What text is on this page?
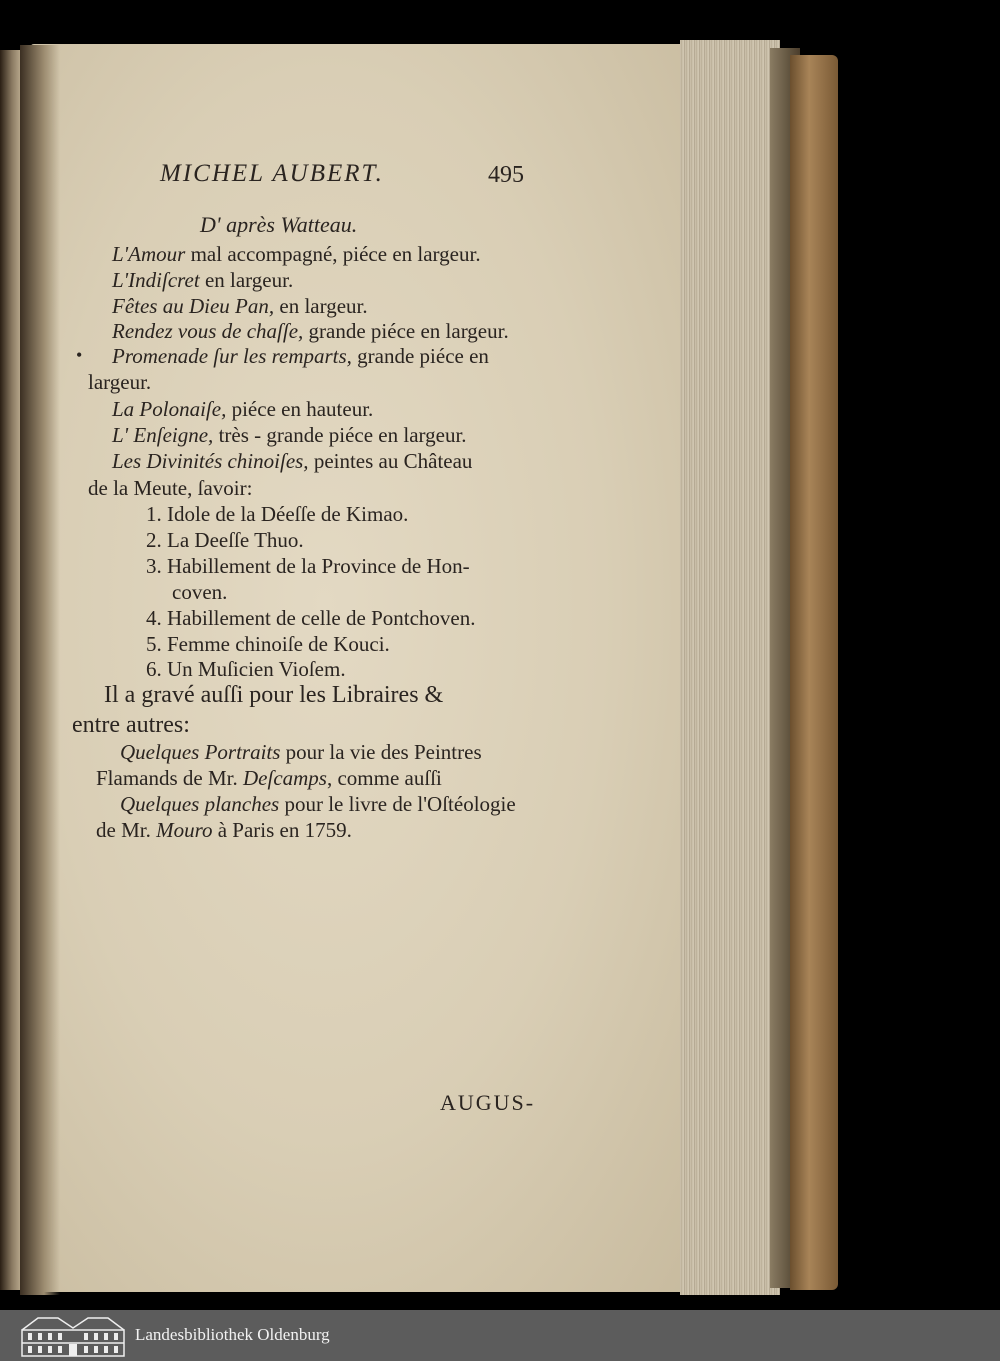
MICHEL AUBERT.	495
D' après Watteau.
L'Amour mal accompagné, piéce en largeur.
L'Indiſcret en largeur.
Fêtes au Dieu Pan, en largeur.
Rendez vous de chaſſe, grande piéce en largeur.
• Promenade ſur les remparts, grande piéce en
largeur.
La Polonaiſe, piéce en hauteur.
L' Enſeigne, très - grande piéce en largeur.
Les Divinités chinoiſes, peintes au Château
de la Meute, ſavoir:
1. Idole de la Déeſſe de Kimao.
2. La Deeſſe Thuo.
3. Habillement de la Province de Hon-
coven.
4. Habillement de celle de Pontchoven.
5. Femme chinoiſe de Kouci.
6. Un Muſicien Vioſem.
Il a gravé auſſi pour les Libraires &
entre autres:
Quelques Portraits pour la vie des Peintres
Flamands de Mr. Deſcamps, comme auſſi
Quelques planches pour le livre de l'Oſtéologie
de Mr. Mouro à Paris en 1759.
AUGUS-
Landesbibliothek Oldenburg
